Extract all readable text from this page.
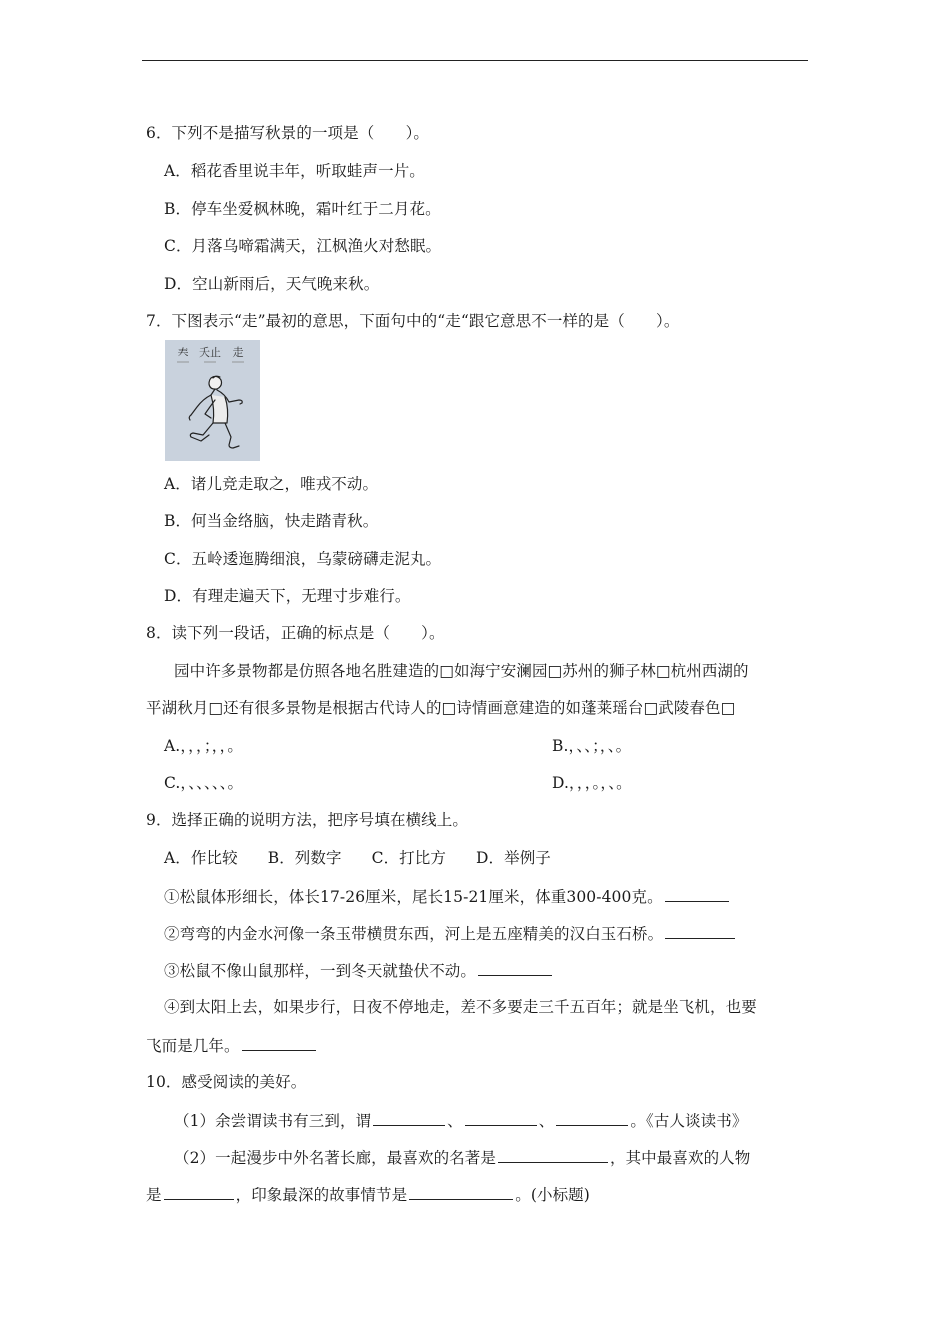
6．下列不是描写秋景的一项是（　　）。
A．稻花香里说丰年，听取蛙声一片。
B．停车坐爱枫林晚，霜叶红于二月花。
C．月落乌啼霜满天，江枫渔火对愁眠。
D．空山新雨后，天气晚来秋。
7．下图表示“走”最初的意思，下面句中的“走“跟它意思不一样的是（　　）。
𡗗 夭止 走
A．诸儿竞走取之，唯戎不动。
B．何当金络脑，快走踏青秋。
C．五岭逶迤腾细浪，乌蒙磅礴走泥丸。
D．有理走遍天下，无理寸步难行。
8．读下列一段话，正确的标点是（　　）。
园中许多景物都是仿照各地名胜建造的□如海宁安澜园□苏州的狮子林□杭州西湖的
平湖秋月□还有很多景物是根据古代诗人的□诗情画意建造的如蓬莱瑶台□武陵春色□
A.，，，；，，。	B.，、、；，、。
C.，、、、、、。	D.，，，。，、。
9．选择正确的说明方法，把序号填在横线上。
A．作比较 B．列数字 C．打比方 D．举例子
①松鼠体形细长，体长17-26厘米，尾长15-21厘米，体重300-400克。
②弯弯的内金水河像一条玉带横贯东西，河上是五座精美的汉白玉石桥。
③松鼠不像山鼠那样，一到冬天就蛰伏不动。
④到太阳上去，如果步行，日夜不停地走，差不多要走三千五百年；就是坐飞机，也要
飞而是几年。
10．感受阅读的美好。
（1）余尝谓读书有三到，谓	、	、	。《古人谈读书》
（2）一起漫步中外名著长廊，最喜欢的名著是	，其中最喜欢的人物
是	，印象最深的故事情节是	。(小标题)
